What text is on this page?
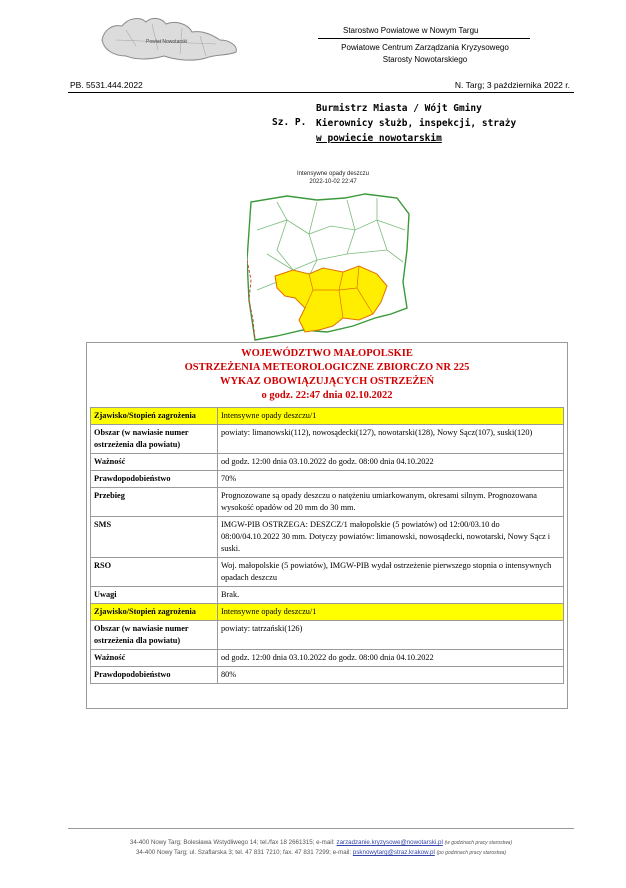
Powiat Nowotarski
Starostwo Powiatowe w Nowym Targu
Powiatowe Centrum Zarządzania Kryzysowego
Starosty Nowotarskiego
PB. 5531.444.2022	N. Targ; 3 października 2022 r.
Sz. P.
Burmistrz Miasta / Wójt Gminy
Kierownicy służb, inspekcji, straży
w powiecie nowotarskim
Intensywne opady deszczu
2022-10-02 22:47
WOJEWÓDZTWO MAŁOPOLSKIE
OSTRZEŻENIA METEOROLOGICZNE ZBIORCZO NR 225
WYKAZ OBOWIĄZUJĄCYCH OSTRZEŻEŃ
o godz. 22:47 dnia 02.10.2022
Zjawisko/Stopień zagrożenia	Intensywne opady deszczu/1
Obszar (w nawiasie numer ostrzeżenia dla powiatu)	powiaty: limanowski(112), nowosądecki(127), nowotarski(128), Nowy Sącz(107), suski(120)
Ważność	od godz. 12:00 dnia 03.10.2022 do godz. 08:00 dnia 04.10.2022
Prawdopodobieństwo	70%
Przebieg	Prognozowane są opady deszczu o natężeniu umiarkowanym, okresami silnym. Prognozowana wysokość opadów od 20 mm do 30 mm.
SMS	IMGW-PIB OSTRZEGA: DESZCZ/1 małopolskie (5 powiatów) od 12:00/03.10 do 08:00/04.10.2022 30 mm. Dotyczy powiatów: limanowski, nowosądecki, nowotarski, Nowy Sącz i suski.
RSO	Woj. małopolskie (5 powiatów), IMGW-PIB wydał ostrzeżenie pierwszego stopnia o intensywnych opadach deszczu
Uwagi	Brak.
Zjawisko/Stopień zagrożenia	Intensywne opady deszczu/1
Obszar (w nawiasie numer ostrzeżenia dla powiatu)	powiaty: tatrzański(126)
Ważność	od godz. 12:00 dnia 03.10.2022 do godz. 08:00 dnia 04.10.2022
Prawdopodobieństwo	80%
34-400 Nowy Targ; Bolesława Wstydliwego 14; tel./fax 18 2661315; e-mail: zarzadzanie.kryzysowe@nowotarski.pl (w godzinach pracy starostwa)
34-400 Nowy Targ; ul. Szaflarska 3; tel. 47 831 7210; fax. 47 831 7299; e-mail: psknowytarg@straz.krakow.pl (po godzinach pracy starostwa)
